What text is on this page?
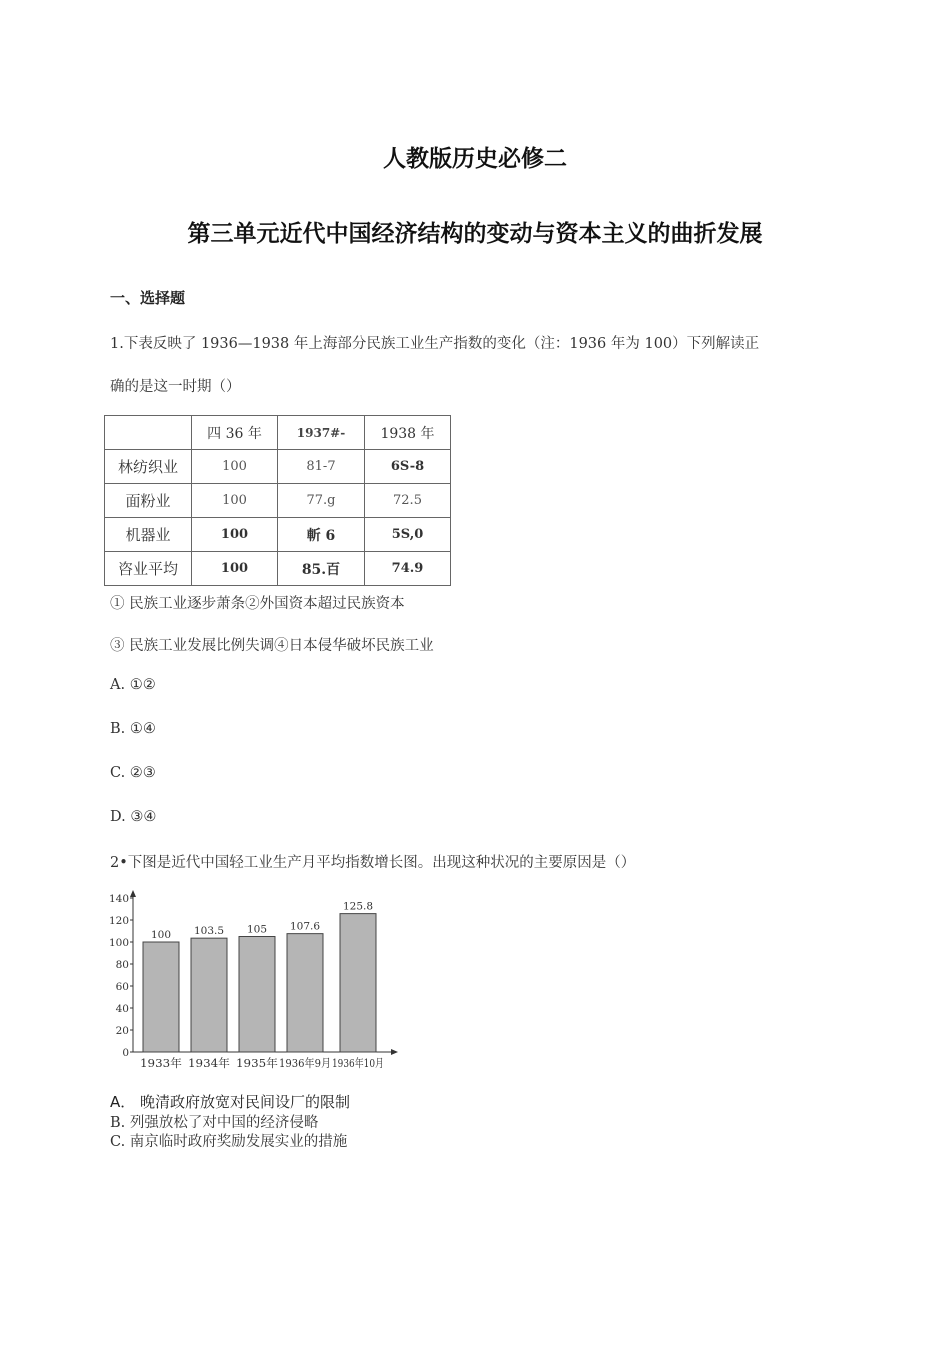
人教版历史必修二
第三单元近代中国经济结构的变动与资本主义的曲折发展
一、选择题
1.下表反映了 1936—1938 年上海部分民族工业生产指数的变化（注：1936 年为 100）下列解读正
确的是这一时期（）
	四 36 年	1937#-	1938 年
林纺织业	100	81-7	6S-8
面粉业	100	77.g	72.5
机器业	100	斬 6	5S,0
咨业平均	100	85.百	74.9
① 民族工业逐步萧条②外国资本超过民族资本
③ 民族工业发展比例失调④日本侵华破坏民族工业
A. ①②
B. ①④
C. ②③
D. ③④
2•下图是近代中国轻工业生产月平均指数增长图。出现这种状况的主要原因是（）
0
20
40
60
80
100
120
140
100
1933年
103.5
1934年
105
1935年
107.6
1936年9月
125.8
1936年10月
A． 晚清政府放宽对民间设厂的限制
B. 列强放松了对中国的经济侵略
C. 南京临时政府奖励发展实业的措施
